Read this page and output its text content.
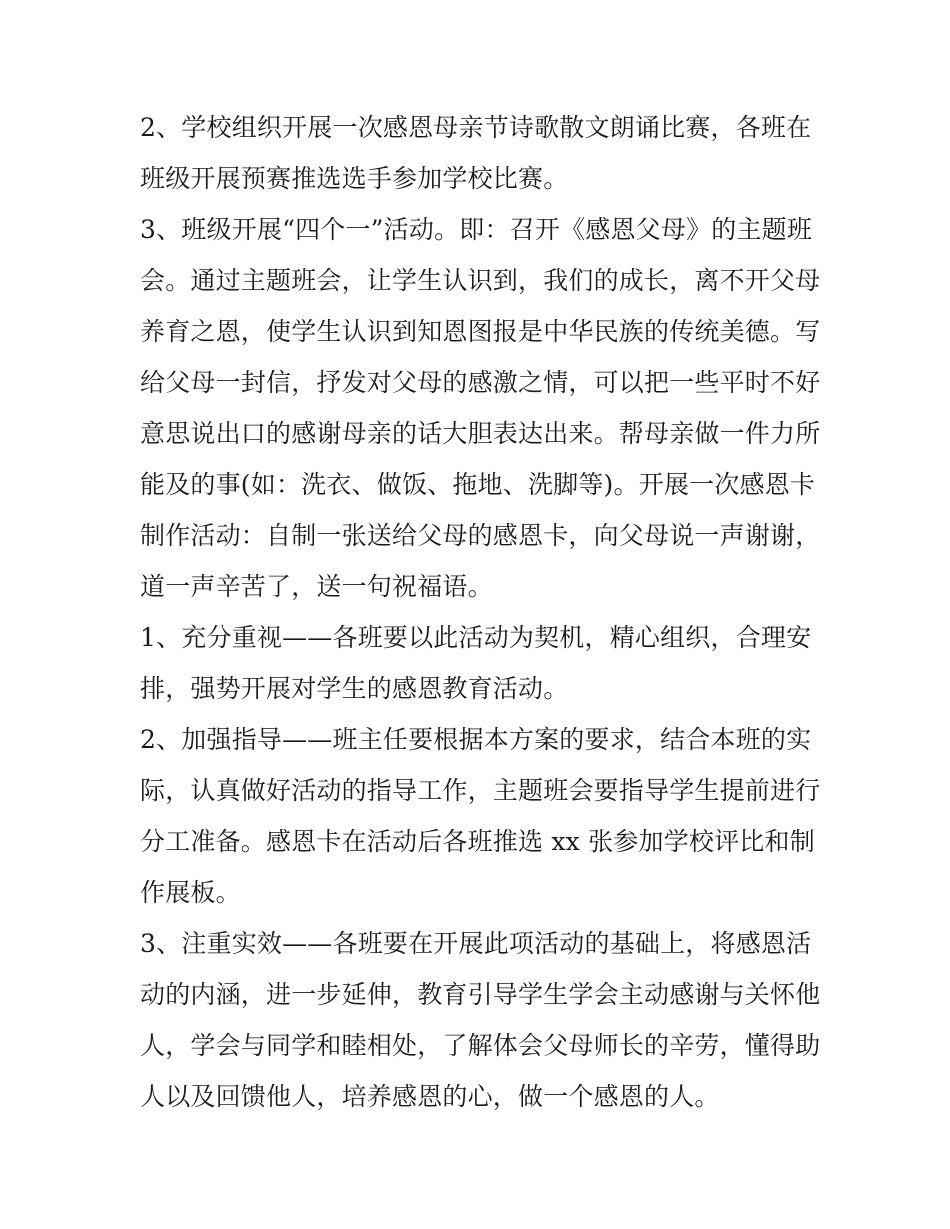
2、学校组织开展一次感恩母亲节诗歌散文朗诵比赛，各班在
班级开展预赛推选选手参加学校比赛。
3、班级开展“四个一”活动。即：召开《感恩父母》的主题班
会。通过主题班会，让学生认识到，我们的成长，离不开父母
养育之恩，使学生认识到知恩图报是中华民族的传统美德。写
给父母一封信，抒发对父母的感激之情，可以把一些平时不好
意思说出口的感谢母亲的话大胆表达出来。帮母亲做一件力所
能及的事(如：洗衣、做饭、拖地、洗脚等)。开展一次感恩卡
制作活动：自制一张送给父母的感恩卡，向父母说一声谢谢，
道一声辛苦了，送一句祝福语。
1、充分重视——各班要以此活动为契机，精心组织，合理安
排，强势开展对学生的感恩教育活动。
2、加强指导——班主任要根据本方案的要求，结合本班的实
际，认真做好活动的指导工作，主题班会要指导学生提前进行
分工准备。感恩卡在活动后各班推选 xx 张参加学校评比和制
作展板。
3、注重实效——各班要在开展此项活动的基础上，将感恩活
动的内涵，进一步延伸，教育引导学生学会主动感谢与关怀他
人，学会与同学和睦相处，了解体会父母师长的辛劳，懂得助
人以及回馈他人，培养感恩的心，做一个感恩的人。
